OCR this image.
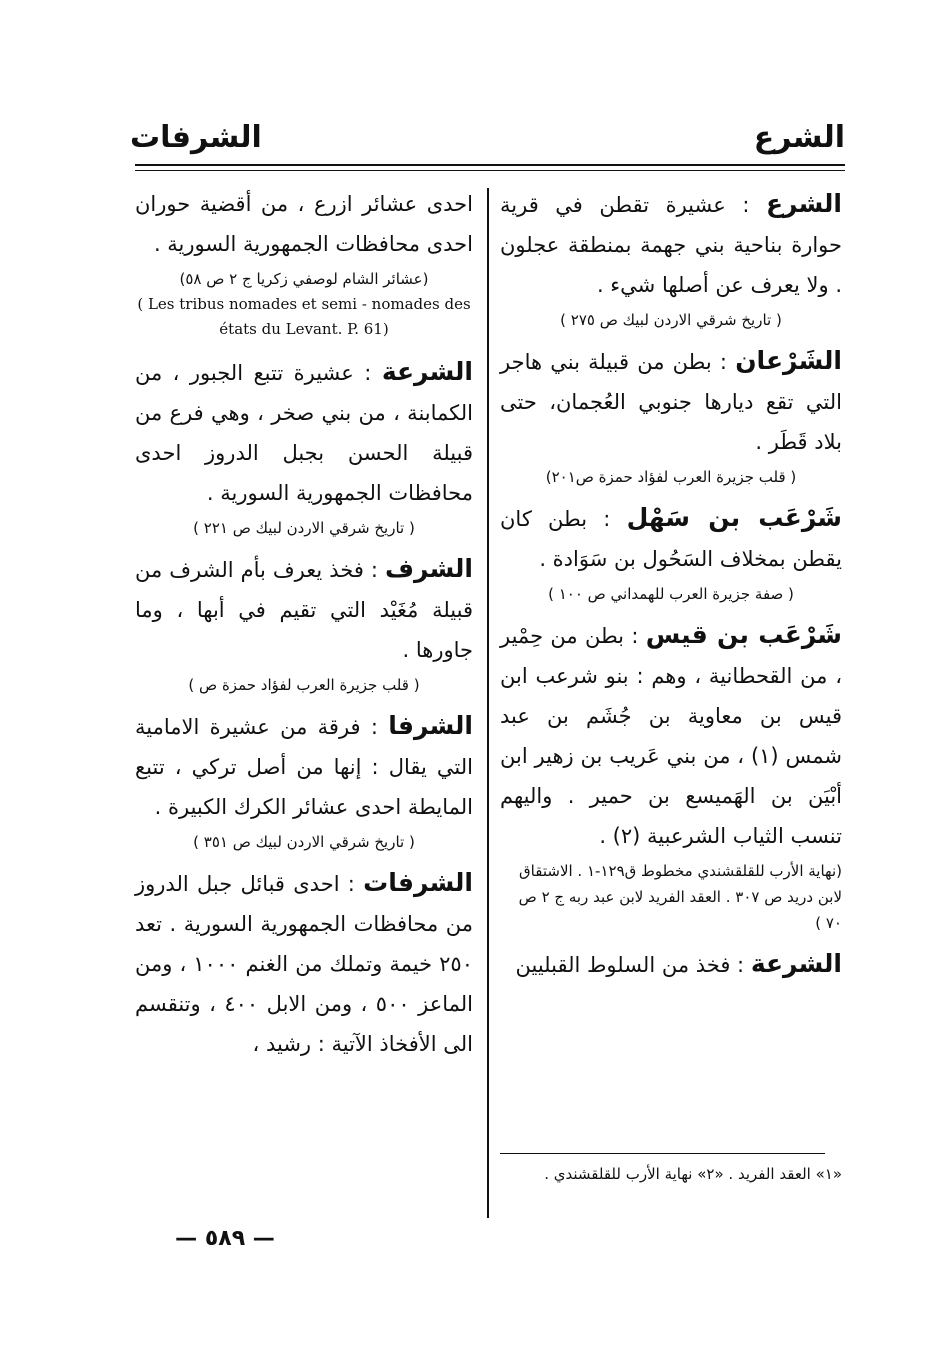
الشرع
الشرفات

الشرع : عشيرة تقطن في قرية حوارة بناحية بني جهمة بمنطقة عجلون . ولا يعرف عن أصلها شيء .

( تاريخ شرقي الاردن لبيك ص ٢٧٥ )

الشَرْعان : بطن من قبيلة بني هاجر التي تقع ديارها جنوبي العُجمان، حتى بلاد قَطَر .

( قلب جزيرة العرب لفؤاد حمزة ص٢٠١)

شَرْعَب بن سَهْل : بطن كان يقطن بمخلاف السَحُول بن سَوَادة .

( صفة جزيرة العرب للهمداني ص ١٠٠ )

شَرْعَب بن قيس : بطن من حِمْير ، من القحطانية ، وهم : بنو شرعب ابن قيس بن معاوية بن جُشَم بن عبد شمس (١) ، من بني عَريب بن زهير ابن أبْيَن بن الهَميسع بن حمير . واليهم تنسب الثياب الشرعبية (٢) .

(نهاية الأرب للقلقشندي مخطوط ق١٢٩-١ . الاشتقاق لابن دريد ص ٣٠٧ . العقد الفريد لابن عبد ربه ج ٢ ص ٧٠ )

الشرعة : فخذ من السلوط القبليين

«١» العقد الفريد . «٢» نهاية الأرب للقلقشندي .

احدى عشائر ازرع ، من أقضية حوران احدى محافظات الجمهورية السورية .

(عشائر الشام لوصفي زكريا ج ٢ ص ٥٨)

( Les tribus nomades et semi - nomades des états du Levant. P. 61)

الشرعة : عشيرة تتبع الجبور ، من الكمابنة ، من بني صخر ، وهي فرع من قبيلة الحسن بجبل الدروز احدى محافظات الجمهورية السورية .

( تاريخ شرقي الاردن لبيك ص ٢٢١ )

الشرف : فخذ يعرف بأم الشرف من قبيلة مُغَيْد التي تقيم في أبها ، وما جاورها .

( قلب جزيرة العرب لفؤاد حمزة ص )

الشرفا : فرقة من عشيرة الامامية التي يقال : إنها من أصل تركي ، تتبع المايطة احدى عشائر الكرك الكبيرة .

( تاريخ شرقي الاردن لبيك ص ٣٥١ )

الشرفات : احدى قبائل جبل الدروز من محافظات الجمهورية السورية . تعد ٢٥٠ خيمة وتملك من الغنم ١٠٠٠ ، ومن الماعز ٥٠٠ ، ومن الابل ٤٠٠ ، وتنقسم الى الأفخاذ الآتية : رشيد ،

— ٥٨٩ —
